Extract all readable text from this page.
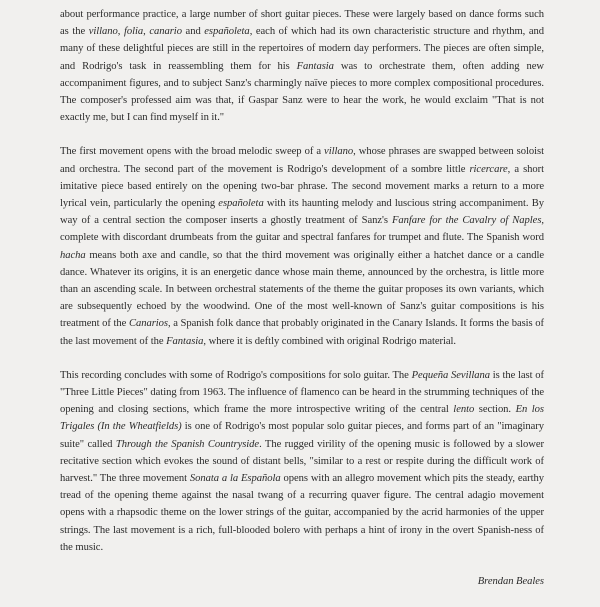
about performance practice, a large number of short guitar pieces. These were largely based on dance forms such as the villano, folia, canario and españoleta, each of which had its own characteristic structure and rhythm, and many of these delightful pieces are still in the repertoires of modern day performers. The pieces are often simple, and Rodrigo's task in reassembling them for his Fantasia was to orchestrate them, often adding new accompaniment figures, and to subject Sanz's charmingly naïve pieces to more complex compositional procedures. The composer's professed aim was that, if Gaspar Sanz were to hear the work, he would exclaim "That is not exactly me, but I can find myself in it."

The first movement opens with the broad melodic sweep of a villano, whose phrases are swapped between soloist and orchestra. The second part of the movement is Rodrigo's development of a sombre little ricercare, a short imitative piece based entirely on the opening two-bar phrase. The second movement marks a return to a more lyrical vein, particularly the opening españoleta with its haunting melody and luscious string accompaniment. By way of a central section the composer inserts a ghostly treatment of Sanz's Fanfare for the Cavalry of Naples, complete with discordant drumbeats from the guitar and spectral fanfares for trumpet and flute. The Spanish word hacha means both axe and candle, so that the third movement was originally either a hatchet dance or a candle dance. Whatever its origins, it is an energetic dance whose main theme, announced by the orchestra, is little more than an ascending scale. In between orchestral statements of the theme the guitar proposes its own variants, which are subsequently echoed by the woodwind. One of the most well-known of Sanz's guitar compositions is his treatment of the Canarios, a Spanish folk dance that probably originated in the Canary Islands. It forms the basis of the last movement of the Fantasia, where it is deftly combined with original Rodrigo material.

This recording concludes with some of Rodrigo's compositions for solo guitar. The Pequeña Sevillana is the last of "Three Little Pieces" dating from 1963. The influence of flamenco can be heard in the strumming techniques of the opening and closing sections, which frame the more introspective writing of the central lento section. En los Trigales (In the Wheatfields) is one of Rodrigo's most popular solo guitar pieces, and forms part of an "imaginary suite" called Through the Spanish Countryside. The rugged virility of the opening music is followed by a slower recitative section which evokes the sound of distant bells, "similar to a rest or respite during the difficult work of harvest." The three movement Sonata a la Española opens with an allegro movement which pits the steady, earthy tread of the opening theme against the nasal twang of a recurring quaver figure. The central adagio movement opens with a rhapsodic theme on the lower strings of the guitar, accompanied by the acrid harmonies of the upper strings. The last movement is a rich, full-blooded bolero with perhaps a hint of irony in the overt Spanish-ness of the music.

Brendan Beales
